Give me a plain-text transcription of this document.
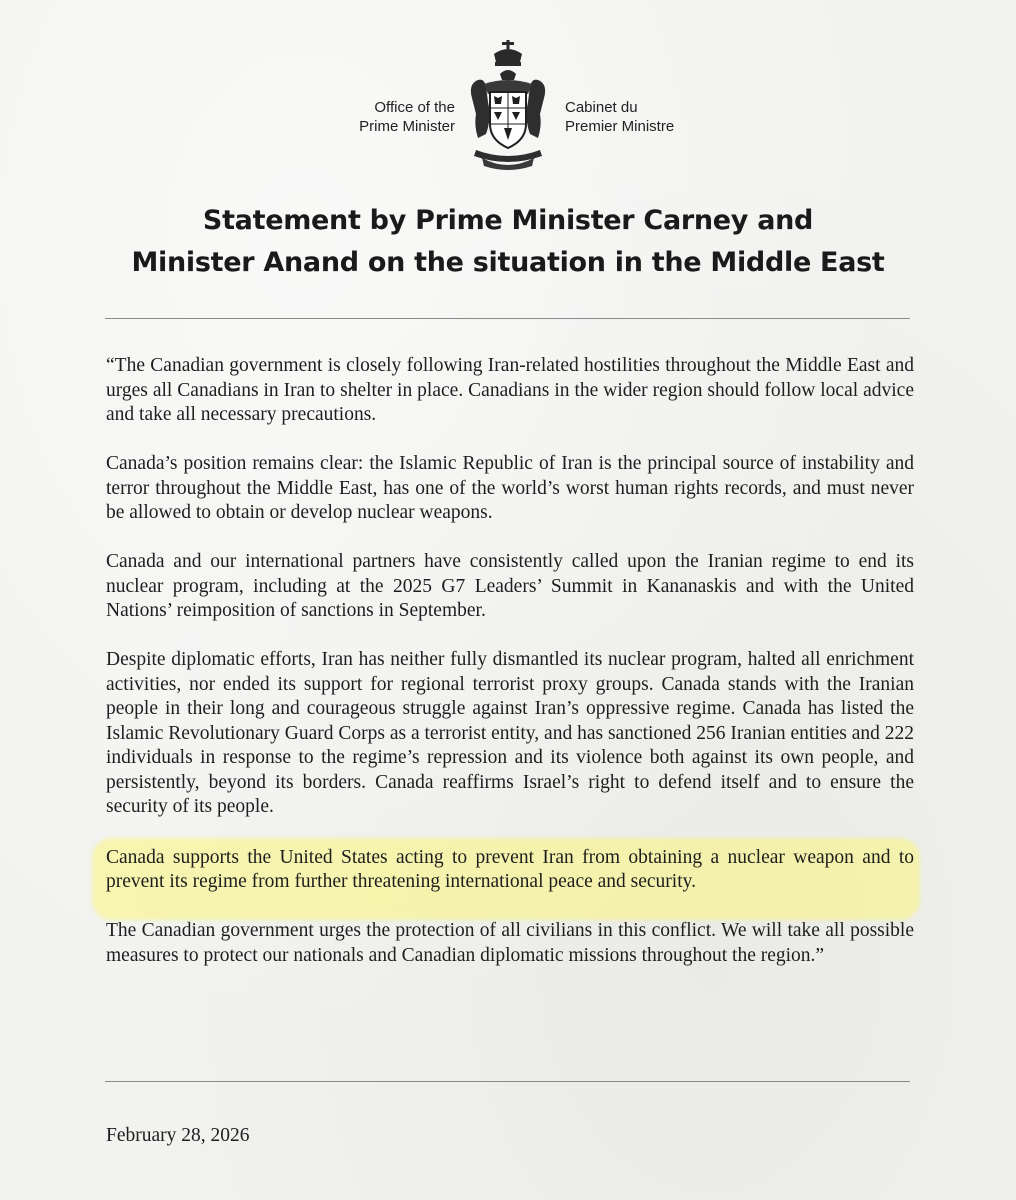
Office of the
Prime Minister
Cabinet du
Premier Ministre
Statement by Prime Minister Carney and
Minister Anand on the situation in the Middle East

“The Canadian government is closely following Iran-related hostilities throughout the Middle East and urges all Canadians in Iran to shelter in place. Canadians in the wider region should follow local advice and take all necessary precautions.

Canada’s position remains clear: the Islamic Republic of Iran is the principal source of instability and terror throughout the Middle East, has one of the world’s worst human rights records, and must never be allowed to obtain or develop nuclear weapons.

Canada and our international partners have consistently called upon the Iranian regime to end its nuclear program, including at the 2025 G7 Leaders’ Summit in Kananaskis and with the United Nations’ reimposition of sanctions in September.

Despite diplomatic efforts, Iran has neither fully dismantled its nuclear program, halted all enrichment activities, nor ended its support for regional terrorist proxy groups. Canada stands with the Iranian people in their long and courageous struggle against Iran’s oppressive regime. Canada has listed the Islamic Revolutionary Guard Corps as a terrorist entity, and has sanctioned 256 Iranian entities and 222 individuals in response to the regime’s repression and its violence both against its own people, and persistently, beyond its borders. Canada reaffirms Israel’s right to defend itself and to ensure the security of its people.

Canada supports the United States acting to prevent Iran from obtaining a nuclear weapon and to prevent its regime from further threatening international peace and security.

The Canadian government urges the protection of all civilians in this conflict. We will take all possible measures to protect our nationals and Canadian diplomatic missions throughout the region.”

February 28, 2026
